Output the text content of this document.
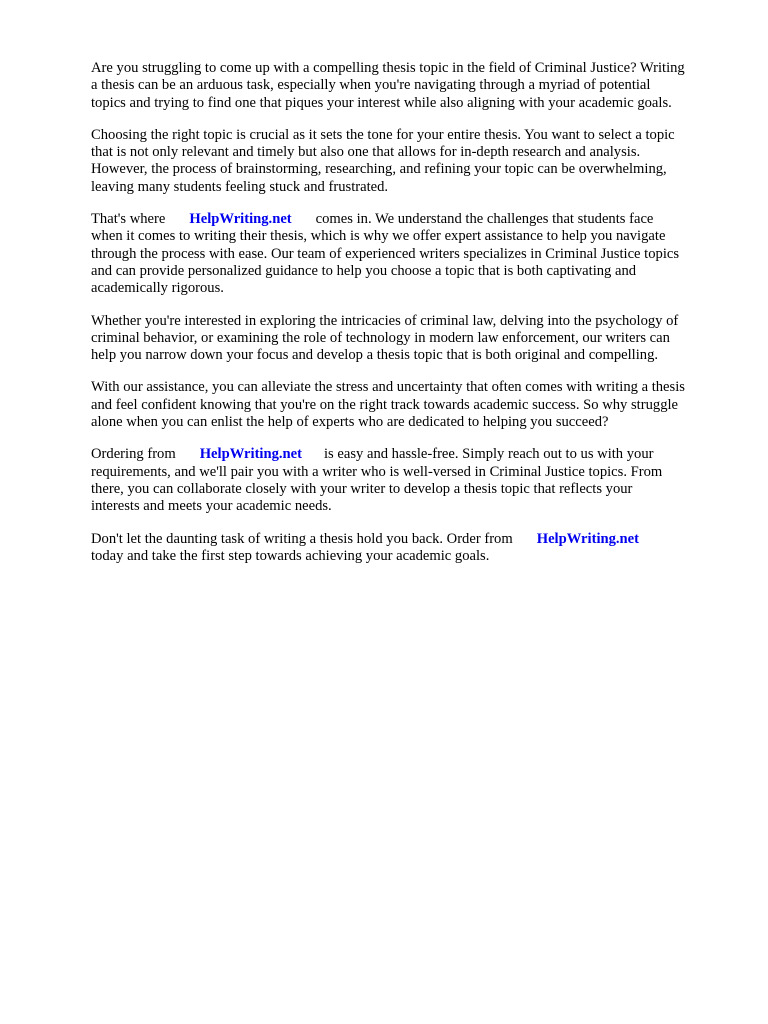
Are you struggling to come up with a compelling thesis topic in the field of Criminal Justice? Writing
a thesis can be an arduous task, especially when you're navigating through a myriad of potential
topics and trying to find one that piques your interest while also aligning with your academic goals.

Choosing the right topic is crucial as it sets the tone for your entire thesis. You want to select a topic
that is not only relevant and timely but also one that allows for in-depth research and analysis.
However, the process of brainstorming, researching, and refining your topic can be overwhelming,
leaving many students feeling stuck and frustrated.

That's where HelpWriting.net comes in. We understand the challenges that students face
when it comes to writing their thesis, which is why we offer expert assistance to help you navigate
through the process with ease. Our team of experienced writers specializes in Criminal Justice topics
and can provide personalized guidance to help you choose a topic that is both captivating and
academically rigorous.

Whether you're interested in exploring the intricacies of criminal law, delving into the psychology of
criminal behavior, or examining the role of technology in modern law enforcement, our writers can
help you narrow down your focus and develop a thesis topic that is both original and compelling.

With our assistance, you can alleviate the stress and uncertainty that often comes with writing a thesis
and feel confident knowing that you're on the right track towards academic success. So why struggle
alone when you can enlist the help of experts who are dedicated to helping you succeed?

Ordering from HelpWriting.net is easy and hassle-free. Simply reach out to us with your
requirements, and we'll pair you with a writer who is well-versed in Criminal Justice topics. From
there, you can collaborate closely with your writer to develop a thesis topic that reflects your
interests and meets your academic needs.

Don't let the daunting task of writing a thesis hold you back. Order from HelpWriting.net
today and take the first step towards achieving your academic goals.
